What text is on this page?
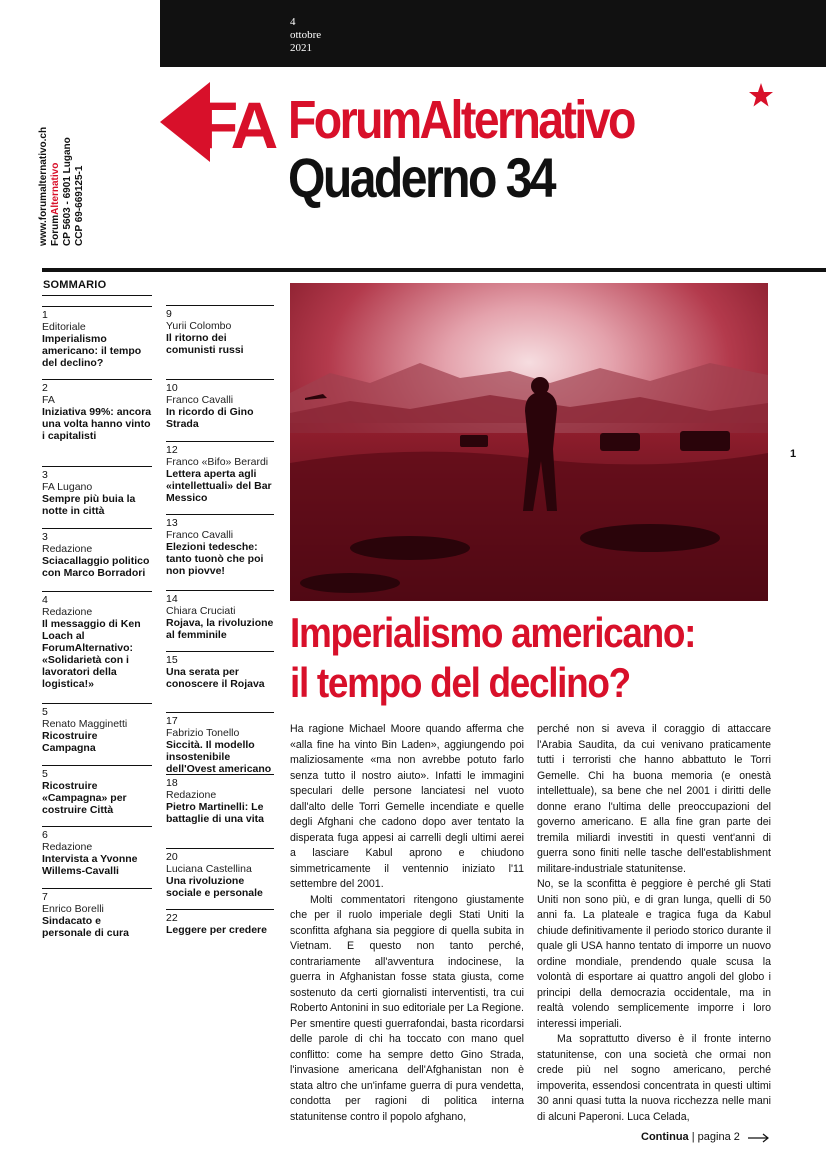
4
ottobre
2021
FA ForumAlternativo
Quaderno 34
www.forumalternativo.ch ForumAlternativo CP 5603 - 6901 Lugano CCP 69-669125-1
SOMMARIO
1
Editoriale
Imperialismo americano: il tempo del declino?
2
FA
Iniziativa 99%: ancora una volta hanno vinto i capitalisti
3
FA Lugano
Sempre più buia la notte in città
3
Redazione
Sciacallaggio politico con Marco Borradori
4
Redazione
Il messaggio di Ken Loach al ForumAlternativo: «Solidarietà con i lavoratori della logistica!»
5
Renato Magginetti
Ricostruire Campagna
5
Ricostruire «Campagna» per costruire Città
6
Redazione
Intervista a Yvonne Willems-Cavalli
7
Enrico Borelli
Sindacato e personale di cura
9
Yurii Colombo
Il ritorno dei comunisti russi
10
Franco Cavalli
In ricordo di Gino Strada
12
Franco «Bifo» Berardi
Lettera aperta agli «intellettuali» del Bar Messico
13
Franco Cavalli
Elezioni tedesche: tanto tuonò che poi non piovve!
14
Chiara Cruciati
Rojava, la rivoluzione al femminile
15
Una serata per conoscere il Rojava
17
Fabrizio Tonello
Siccità. Il modello insostenibile dell'Ovest americano
18
Redazione
Pietro Martinelli: Le battaglie di una vita
20
Luciana Castellina
Una rivoluzione sociale e personale
22
Leggere per credere
1
Imperialismo americano:
il tempo del declino?

Ha ragione Michael Moore quando afferma che «alla fine ha vinto Bin Laden», aggiungendo poi maliziosamente «ma non avrebbe potuto farlo senza tutto il nostro aiuto». Infatti le immagini speculari delle persone lanciatesi nel vuoto dall'alto delle Torri Gemelle incendiate e quelle degli Afghani che cadono dopo aver tentato la disperata fuga appesi ai carrelli degli ultimi aerei a lasciare Kabul aprono e chiudono simmetricamente il ventennio iniziato l'11 settembre del 2001.

Molti commentatori ritengono giustamente che per il ruolo imperiale degli Stati Uniti la sconfitta afghana sia peggiore di quella subita in Vietnam. E questo non tanto perché, contrariamente all'avventura indocinese, la guerra in Afghanistan fosse stata giusta, come sostenuto da certi giornalisti interventisti, tra cui Roberto Antonini in suo editoriale per La Regione. Per smentire questi guerrafondai, basta ricordarsi delle parole di chi ha toccato con mano quel conflitto: come ha sempre detto Gino Strada, l'invasione americana dell'Afghanistan non è stata altro che un'infame guerra di pura vendetta, condotta per ragioni di politica interna statunitense contro il popolo afghano,

perché non si aveva il coraggio di attaccare l'Arabia Saudita, da cui venivano praticamente tutti i terroristi che hanno abbattuto le Torri Gemelle. Chi ha buona memoria (e onestà intellettuale), sa bene che nel 2001 i diritti delle donne erano l'ultima delle preoccupazioni del governo americano. E alla fine gran parte dei tremila miliardi investiti in questi vent'anni di guerra sono finiti nelle tasche dell'establishment militare-industriale statunitense.

No, se la sconfitta è peggiore è perché gli Stati Uniti non sono più, e di gran lunga, quelli di 50 anni fa. La plateale e tragica fuga da Kabul chiude definitivamente il periodo storico durante il quale gli USA hanno tentato di imporre un nuovo ordine mondiale, prendendo quale scusa la volontà di esportare ai quattro angoli del globo i principi della democrazia occidentale, ma in realtà volendo semplicemente imporre i loro interessi imperiali.

Ma soprattutto diverso è il fronte interno statunitense, con una società che ormai non crede più nel sogno americano, perché impoverita, essendosi concentrata in questi ultimi 30 anni quasi tutta la nuova ricchezza nelle mani di alcuni Paperoni. Luca Celada,

Continua | pagina 2
